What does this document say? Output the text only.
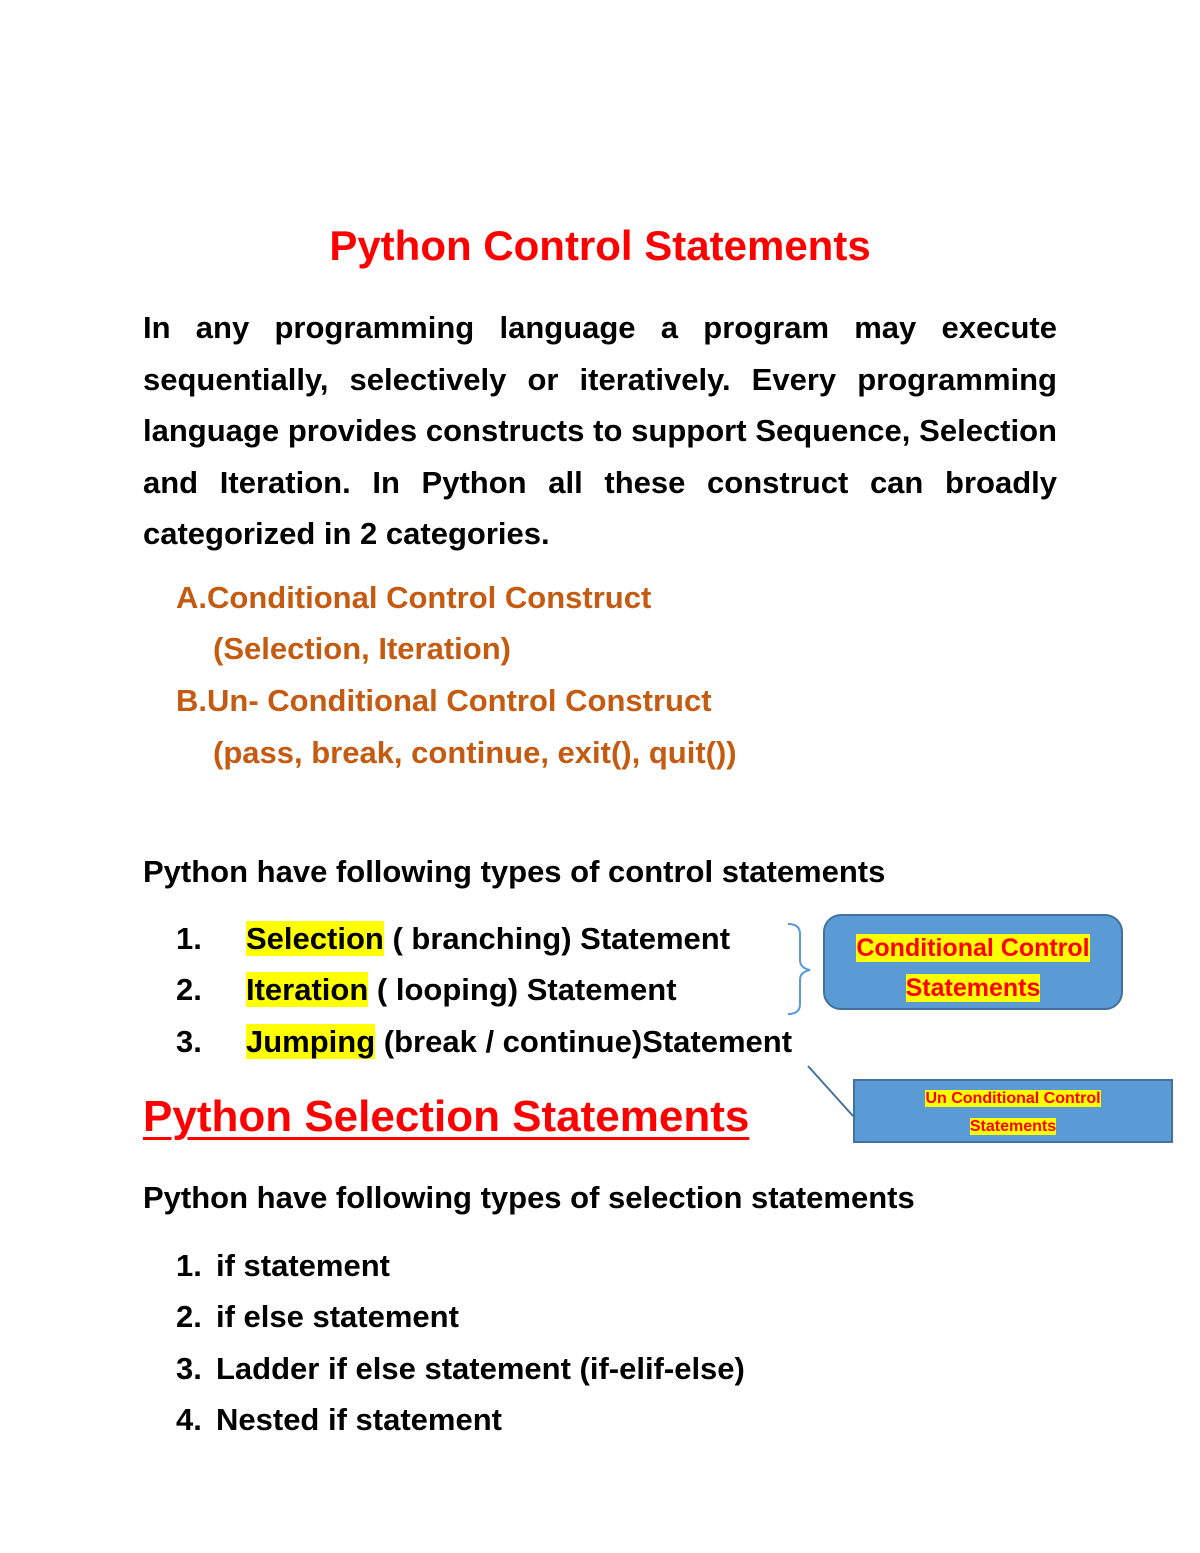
Python Control Statements

In any programming language a program may execute sequentially, selectively or iteratively. Every programming language provides constructs to support Sequence, Selection and Iteration. In Python all these construct can broadly categorized in 2 categories.

A.Conditional Control Construct
(Selection, Iteration)
B.Un- Conditional Control Construct
(pass, break, continue, exit(), quit())
Python have following types of control statements
1. Selection ( branching) Statement
2. Iteration ( looping) Statement
3. Jumping (break / continue)Statement
Conditional Control
Statements
Un Conditional Control
Statements
Python Selection Statements
Python have following types of selection statements
1. if statement
2. if else statement
3. Ladder if else statement (if-elif-else)
4. Nested if statement
